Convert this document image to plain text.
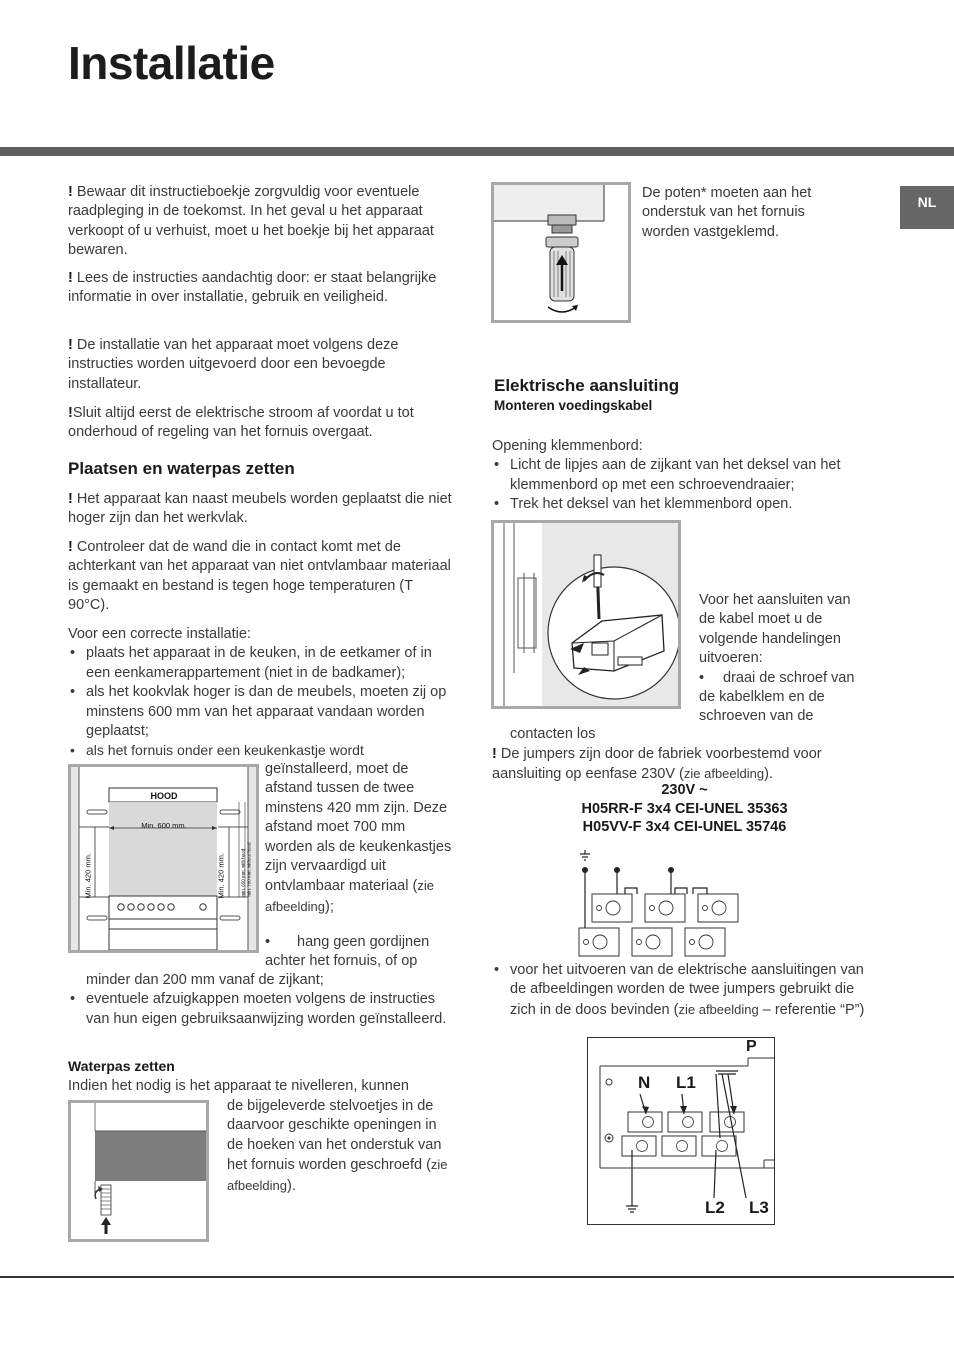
Installatie
NL

! Bewaar dit instructieboekje zorgvuldig voor eventuele raadpleging in de toekomst. In het geval u het apparaat verkoopt of u verhuist, moet u het boekje bij het apparaat bewaren.

! Lees de instructies aandachtig door: er staat belangrijke informatie in over installatie, gebruik en veiligheid.

! De installatie van het apparaat moet volgens deze instructies worden uitgevoerd door een bevoegde installateur.

!Sluit altijd eerst de elektrische stroom af voordat u tot onderhoud of regeling van het fornuis overgaat.

Plaatsen en waterpas zetten

! Het apparaat kan naast meubels worden geplaatst die niet hoger zijn dan het werkvlak.

! Controleer dat de wand die in contact komt met de achterkant van het apparaat van niet ontvlambaar materiaal is gemaakt en bestand is tegen hoge temperaturen (T 90°C).

Voor een correcte installatie:

• plaats het apparaat in de keuken, in de eetkamer of in een eenkamerappartement (niet in de badkamer);
• als het kookvlak hoger is dan de meubels, moeten zij op minstens 600 mm van het apparaat vandaan worden geplaatst;
• als het fornuis onder een keukenkastje wordt
HOOD
Min. 600 mm.
Min. 420 mm.	Min. 420 mm.	min. 650 mm. with hood min. 700 mm. without hood
geïnstalleerd, moet de afstand tussen de twee minstens 420 mm zijn. Deze afstand moet 700 mm worden als de keukenkastjes zijn vervaardigd uit ontvlambaar materiaal (zie afbeelding);
• hang geen gordijnen achter het fornuis, of op

minder dan 200 mm vanaf de zijkant;

• eventuele afzuigkappen moeten volgens de instructies van hun eigen gebruiksaanwijzing worden geïnstalleerd.
Waterpas zetten
Indien het nodig is het apparaat te nivelleren, kunnen
de bijgeleverde stelvoetjes in de daarvoor geschikte openingen in de hoeken van het onderstuk van het fornuis worden geschroefd (zie afbeelding).
De poten* moeten aan het onderstuk van het fornuis worden vastgeklemd.
Elektrische aansluiting
Monteren voedingskabel

Opening klemmenbord:

• Licht de lipjes aan de zijkant van het deksel van het klemmenbord op met een schroevendraaier;
• Trek het deksel van het klemmenbord open.

Voor het aansluiten van de kabel moet u de volgende handelingen uitvoeren:

• draai de schroef van de kabelklem en de schroeven van de

contacten los
! De jumpers zijn door de fabriek voorbestemd voor aansluiting op eenfase 230V (zie afbeelding).
230V ~
H05RR-F 3x4 CEI-UNEL 35363
H05VV-F 3x4 CEI-UNEL 35746
• voor het uitvoeren van de elektrische aansluitingen van de afbeeldingen worden de twee jumpers gebruikt die zich in de doos bevinden (zie afbeelding – referentie “P”)
P
N L1
L2 L3
